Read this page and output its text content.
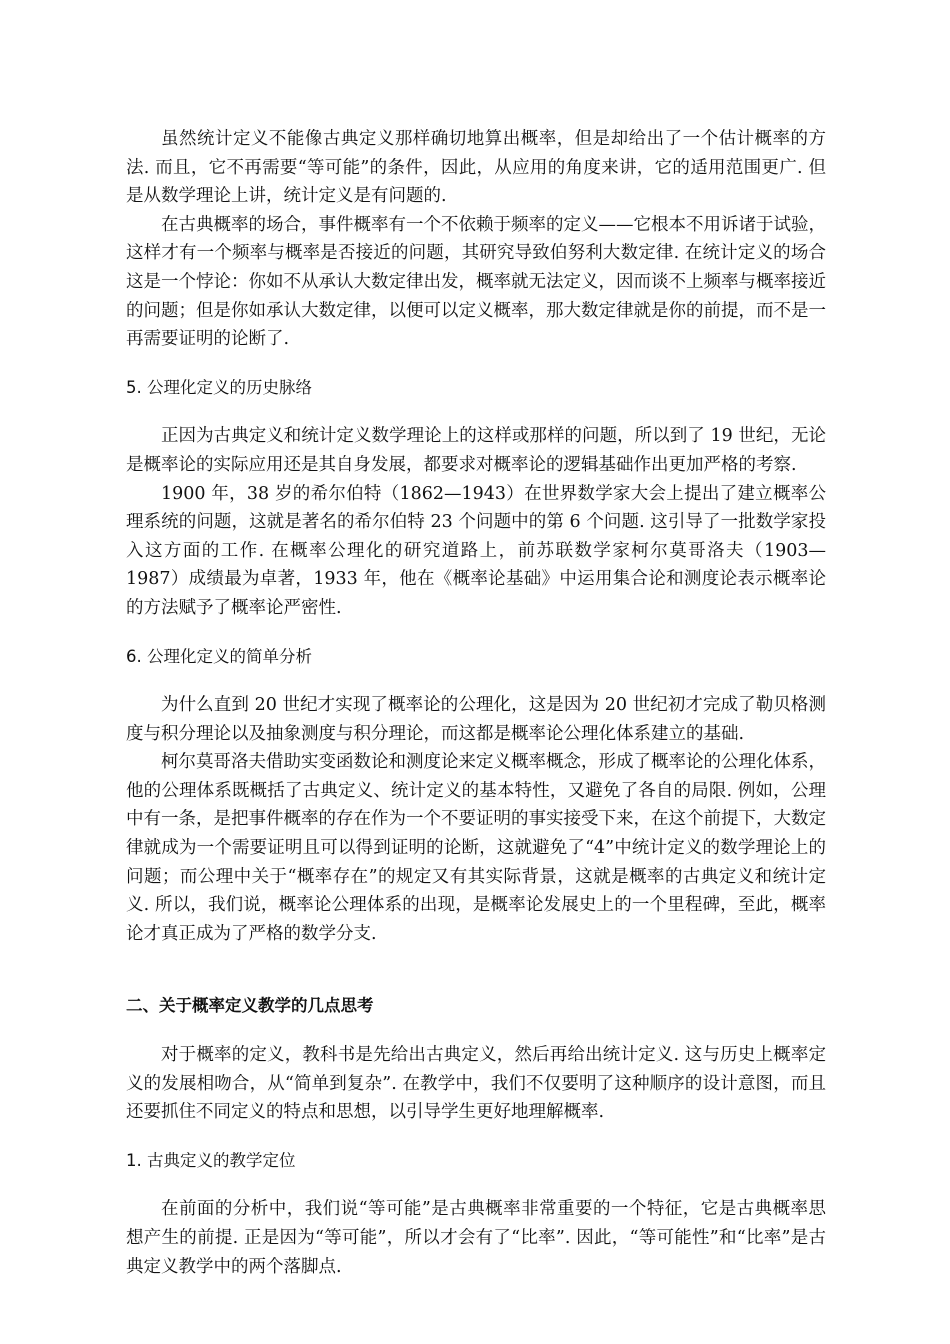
虽然统计定义不能像古典定义那样确切地算出概率，但是却给出了一个估计概率的方法. 而且，它不再需要“等可能”的条件，因此，从应用的角度来讲，它的适用范围更广. 但是从数学理论上讲，统计定义是有问题的.

在古典概率的场合，事件概率有一个不依赖于频率的定义——它根本不用诉诸于试验，这样才有一个频率与概率是否接近的问题，其研究导致伯努利大数定律. 在统计定义的场合这是一个悖论：你如不从承认大数定律出发，概率就无法定义，因而谈不上频率与概率接近的问题；但是你如承认大数定律，以便可以定义概率，那大数定律就是你的前提，而不是一再需要证明的论断了.

5. 公理化定义的历史脉络

正因为古典定义和统计定义数学理论上的这样或那样的问题，所以到了 19 世纪，无论是概率论的实际应用还是其自身发展，都要求对概率论的逻辑基础作出更加严格的考察.

1900 年，38 岁的希尔伯特（1862—1943）在世界数学家大会上提出了建立概率公理系统的问题，这就是著名的希尔伯特 23 个问题中的第 6 个问题. 这引导了一批数学家投入这方面的工作. 在概率公理化的研究道路上，前苏联数学家柯尔莫哥洛夫（1903—1987）成绩最为卓著，1933 年，他在《概率论基础》中运用集合论和测度论表示概率论的方法赋予了概率论严密性.

6. 公理化定义的简单分析

为什么直到 20 世纪才实现了概率论的公理化，这是因为 20 世纪初才完成了勒贝格测度与积分理论以及抽象测度与积分理论，而这都是概率论公理化体系建立的基础.

柯尔莫哥洛夫借助实变函数论和测度论来定义概率概念，形成了概率论的公理化体系，他的公理体系既概括了古典定义、统计定义的基本特性，又避免了各自的局限. 例如，公理中有一条，是把事件概率的存在作为一个不要证明的事实接受下来，在这个前提下，大数定律就成为一个需要证明且可以得到证明的论断，这就避免了“4”中统计定义的数学理论上的问题；而公理中关于“概率存在”的规定又有其实际背景，这就是概率的古典定义和统计定义. 所以，我们说，概率论公理体系的出现，是概率论发展史上的一个里程碑，至此，概率论才真正成为了严格的数学分支.

二、关于概率定义教学的几点思考

对于概率的定义，教科书是先给出古典定义，然后再给出统计定义. 这与历史上概率定义的发展相吻合，从“简单到复杂”. 在教学中，我们不仅要明了这种顺序的设计意图，而且还要抓住不同定义的特点和思想，以引导学生更好地理解概率.

1. 古典定义的教学定位

在前面的分析中，我们说“等可能”是古典概率非常重要的一个特征，它是古典概率思想产生的前提. 正是因为“等可能”，所以才会有了“比率”. 因此，“等可能性”和“比率”是古典定义教学中的两个落脚点.
